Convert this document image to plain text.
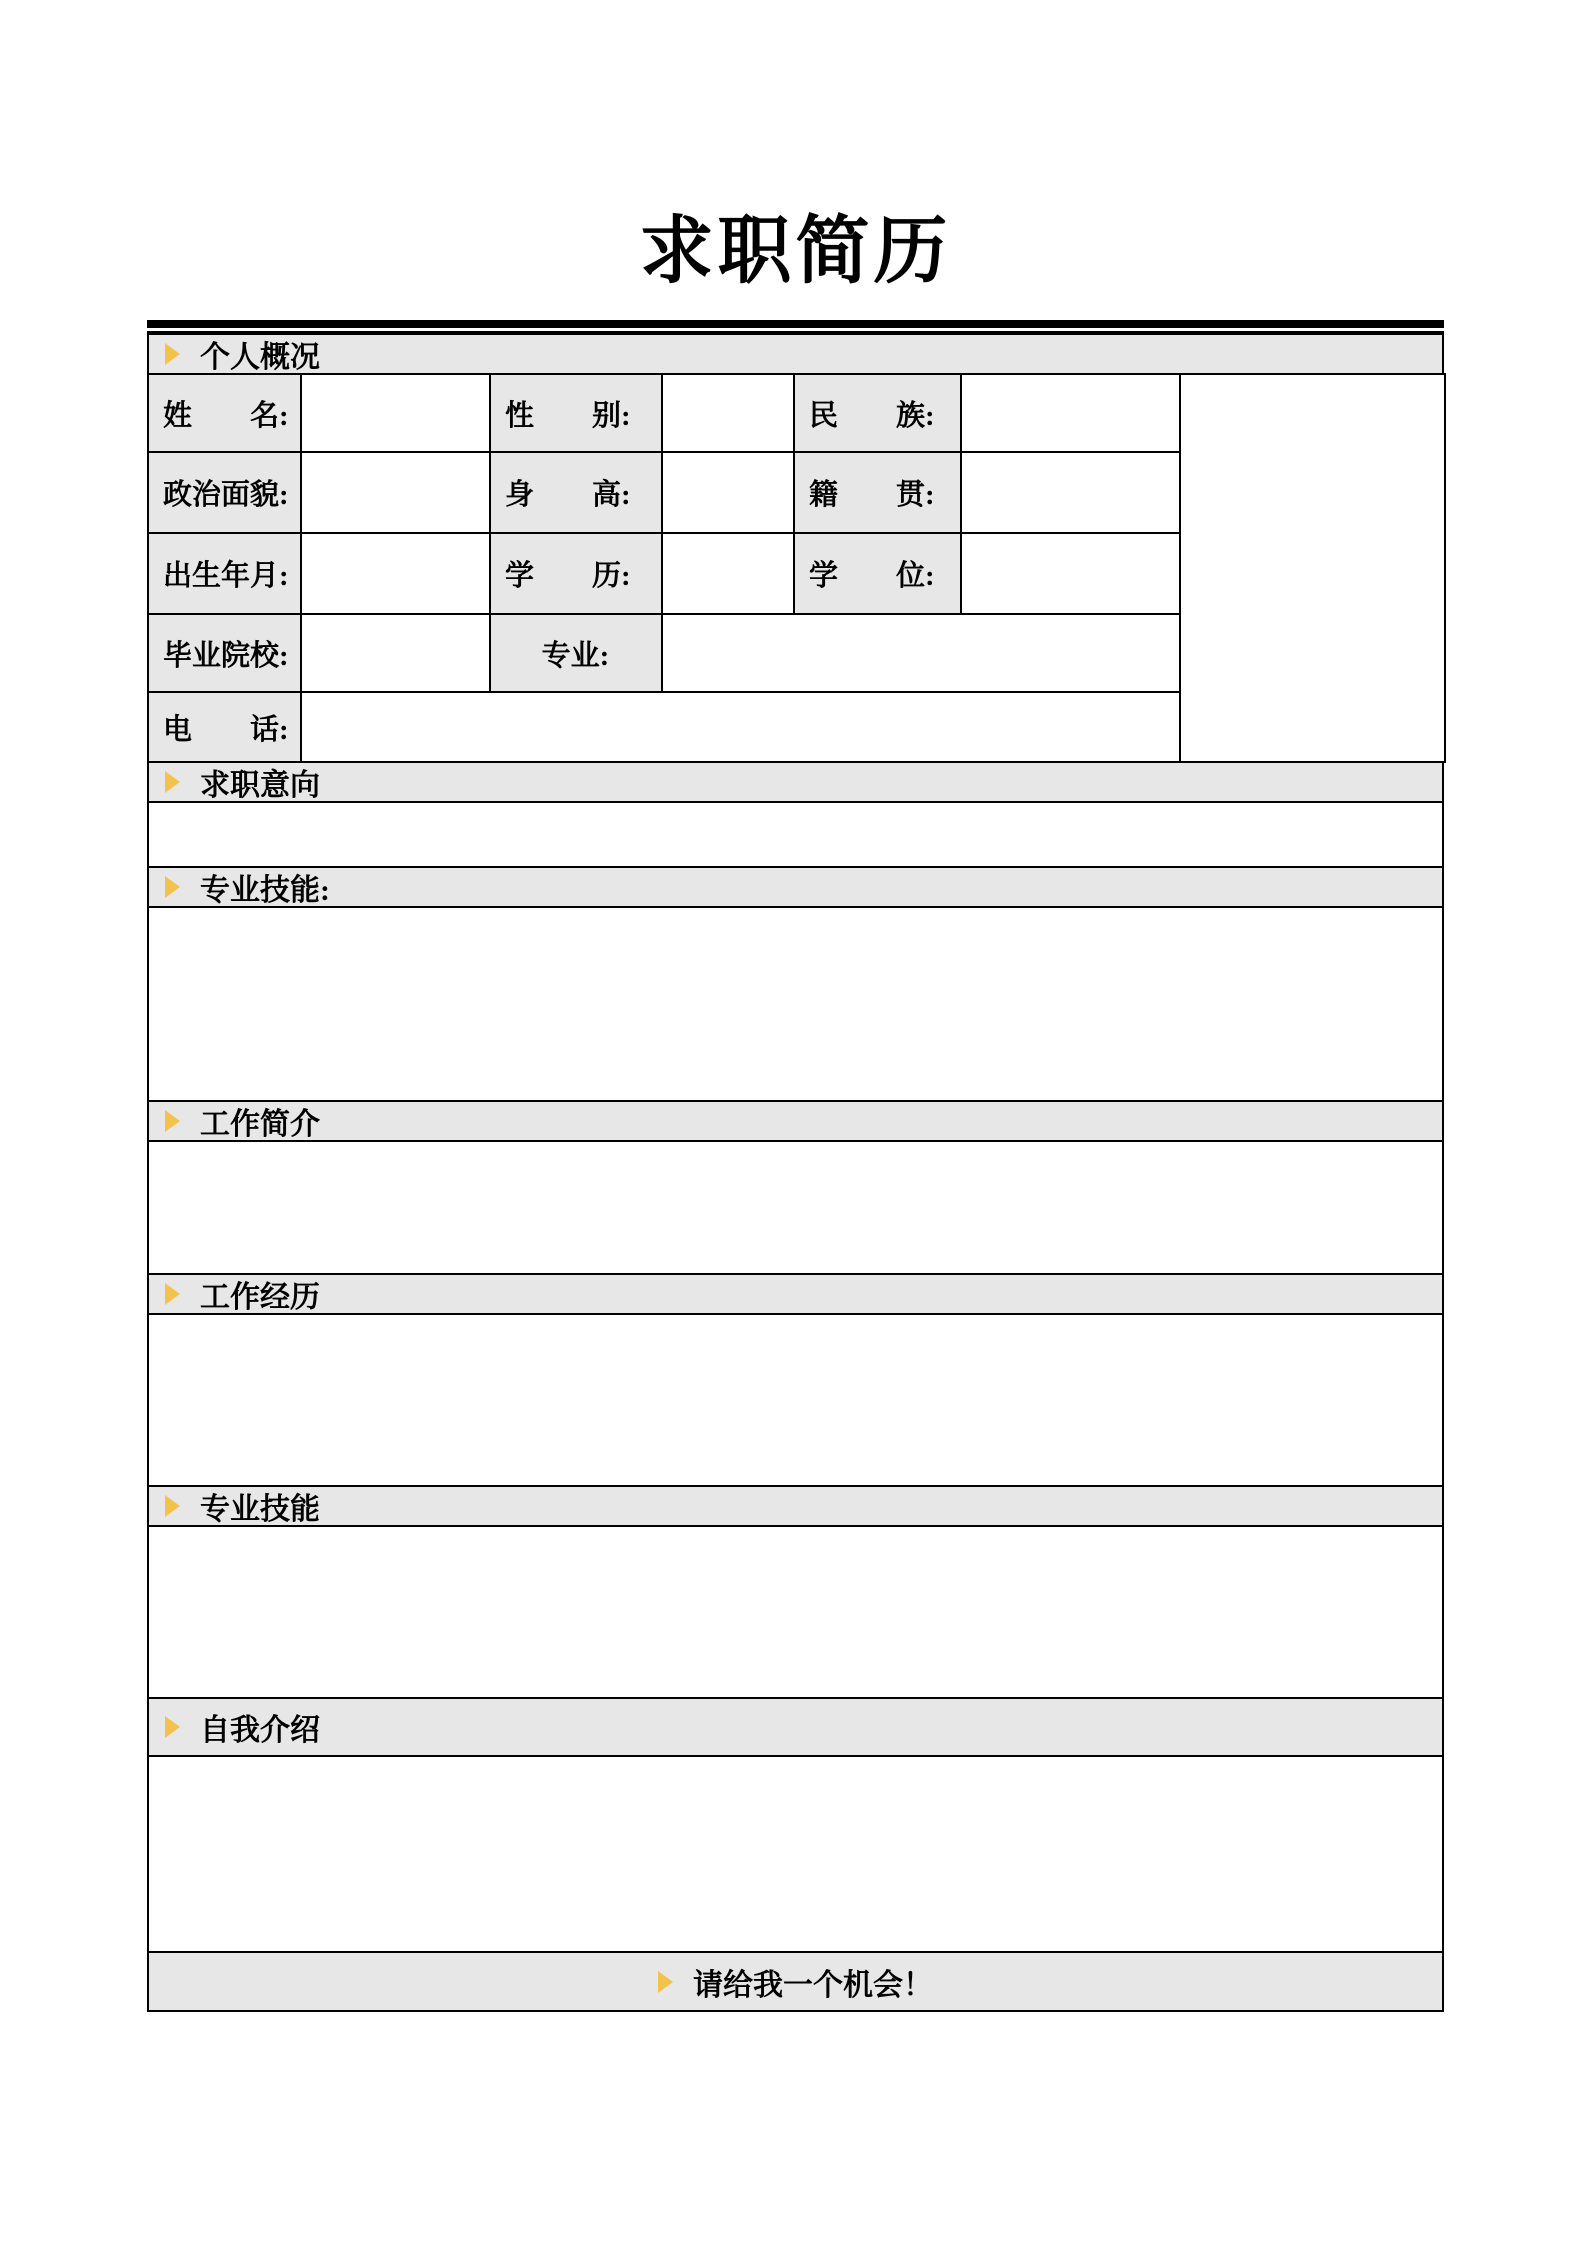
求职简历
个人概况
姓　　名:		性　　别:		民　　族:		
政治面貌:		身　　高:		籍　　贯:		
出生年月:		学　　历:		学　　位:		
毕业院校:		专业:				
电　　话:						
求职意向
专业技能:
工作简介
工作经历
专业技能
自我介绍
请给我一个机会！
